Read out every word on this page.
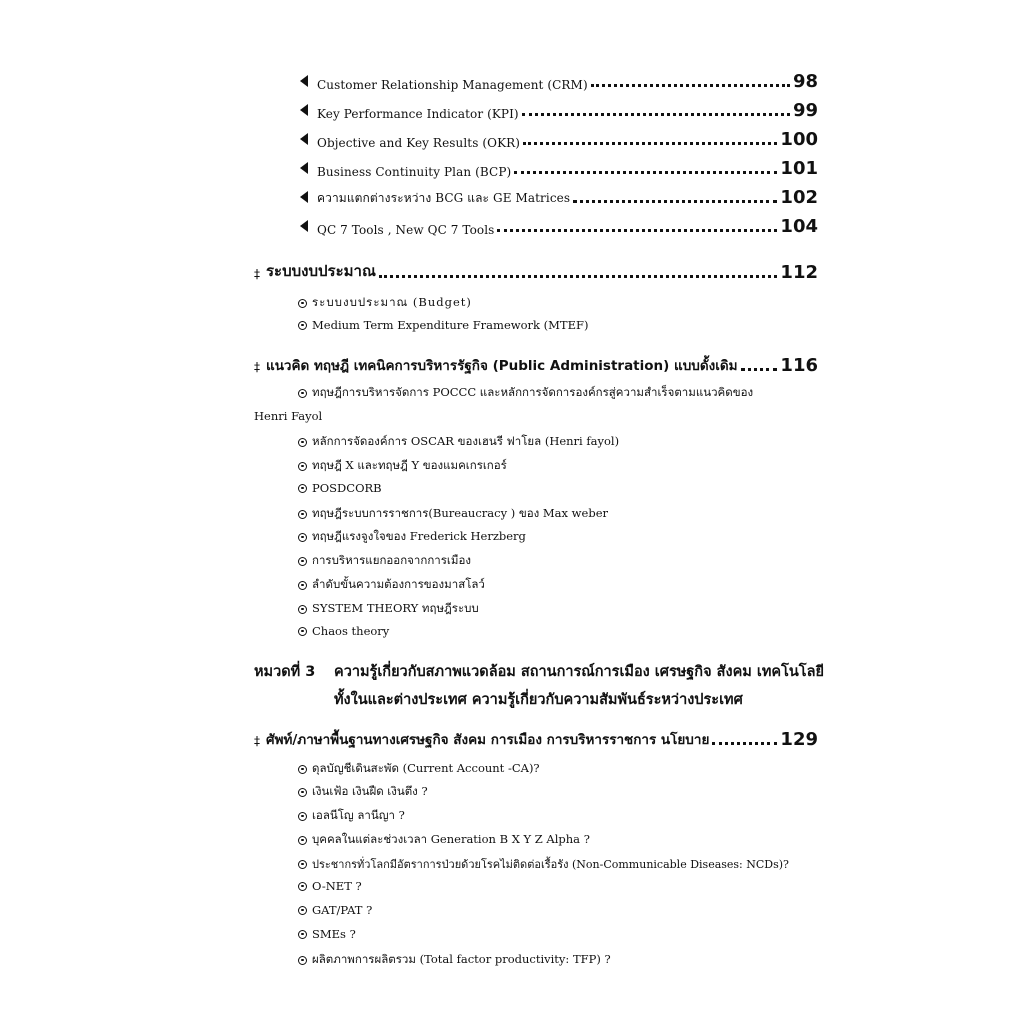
Customer Relationship Management (CRM)	98
Key Performance Indicator (KPI)	99
Objective and Key Results (OKR)	100
Business Continuity Plan (BCP)	101
ความแตกต่างระหว่าง BCG และ GE Matrices	102
QC 7 Tools , New QC 7 Tools	104
‡ ระบบงบประมาณ	112
ระบบงบประมาณ (Budget)
Medium Term Expenditure Framework (MTEF)
‡ แนวคิด ทฤษฎี เทคนิคการบริหารรัฐกิจ (Public Administration) แบบดั้งเดิม 116
ทฤษฎีการบริหารจัดการ POCCC และหลักการจัดการองค์กรสู่ความสำเร็จตามแนวคิดของ
Henri Fayol
หลักการจัดองค์การ OSCAR ของเฮนรี ฟาโยล (Henri fayol)
ทฤษฎี X และทฤษฎี Y ของแมคเกรเกอร์
POSDCORB
ทฤษฎีระบบการราชการ(Bureaucracy ) ของ Max weber
ทฤษฎีแรงจูงใจของ Frederick Herzberg
การบริหารแยกออกจากการเมือง
ลำดับขั้นความต้องการของมาสโลว์
SYSTEM THEORY ทฤษฎีระบบ
Chaos theory
หมวดที่ 3 ความรู้เกี่ยวกับสภาพแวดล้อม สถานการณ์การเมือง เศรษฐกิจ สังคม เทคโนโลยี
ทั้งในและต่างประเทศ ความรู้เกี่ยวกับความสัมพันธ์ระหว่างประเทศ
‡ ศัพท์/ภาษาพื้นฐานทางเศรษฐกิจ สังคม การเมือง การบริหารราชการ นโยบาย	129
ดุลบัญชีเดินสะพัด (Current Account -CA)?
เงินเฟ้อ เงินฝืด เงินตึง ?
เอลนีโญ ลานีญา ?
บุคคลในแต่ละช่วงเวลา Generation B X Y Z Alpha ?
ประชากรทั่วโลกมีอัตราการป่วยด้วยโรคไม่ติดต่อเรื้อรัง (Non-Communicable Diseases: NCDs)?
O-NET ?
GAT/PAT ?
SMEs ?
ผลิตภาพการผลิตรวม (Total factor productivity: TFP) ?
